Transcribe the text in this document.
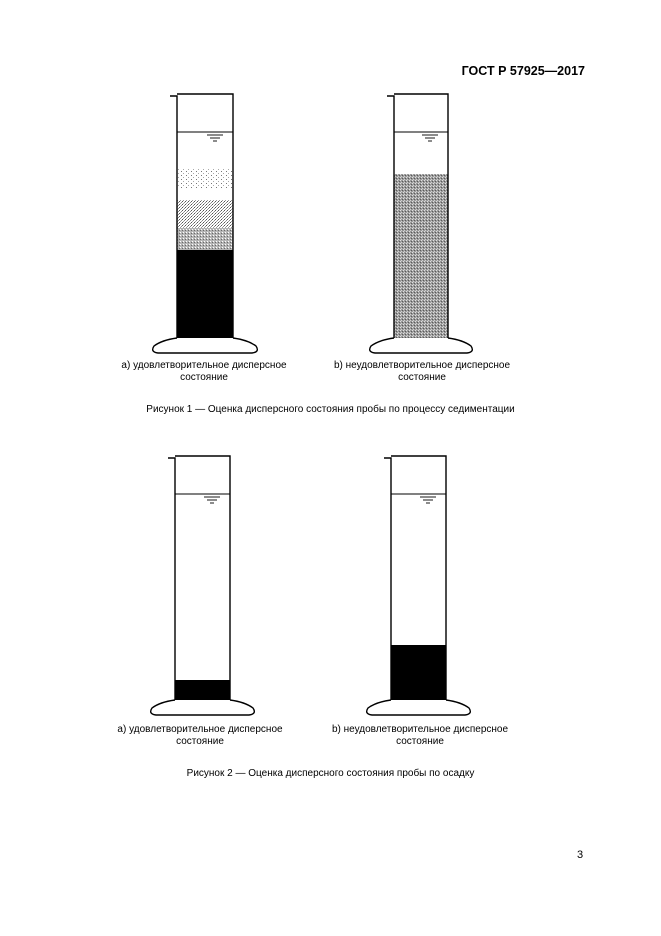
ГОСТ Р 57925—2017
а) удовлетворительное дисперсное состояние
b) неудовлетворительное дисперсное состояние
Рисунок 1 — Оценка дисперсного состояния пробы по процессу седиментации
а) удовлетворительное дисперсное состояние
b) неудовлетворительное дисперсное состояние
Рисунок 2 — Оценка дисперсного состояния пробы по осадку
3
